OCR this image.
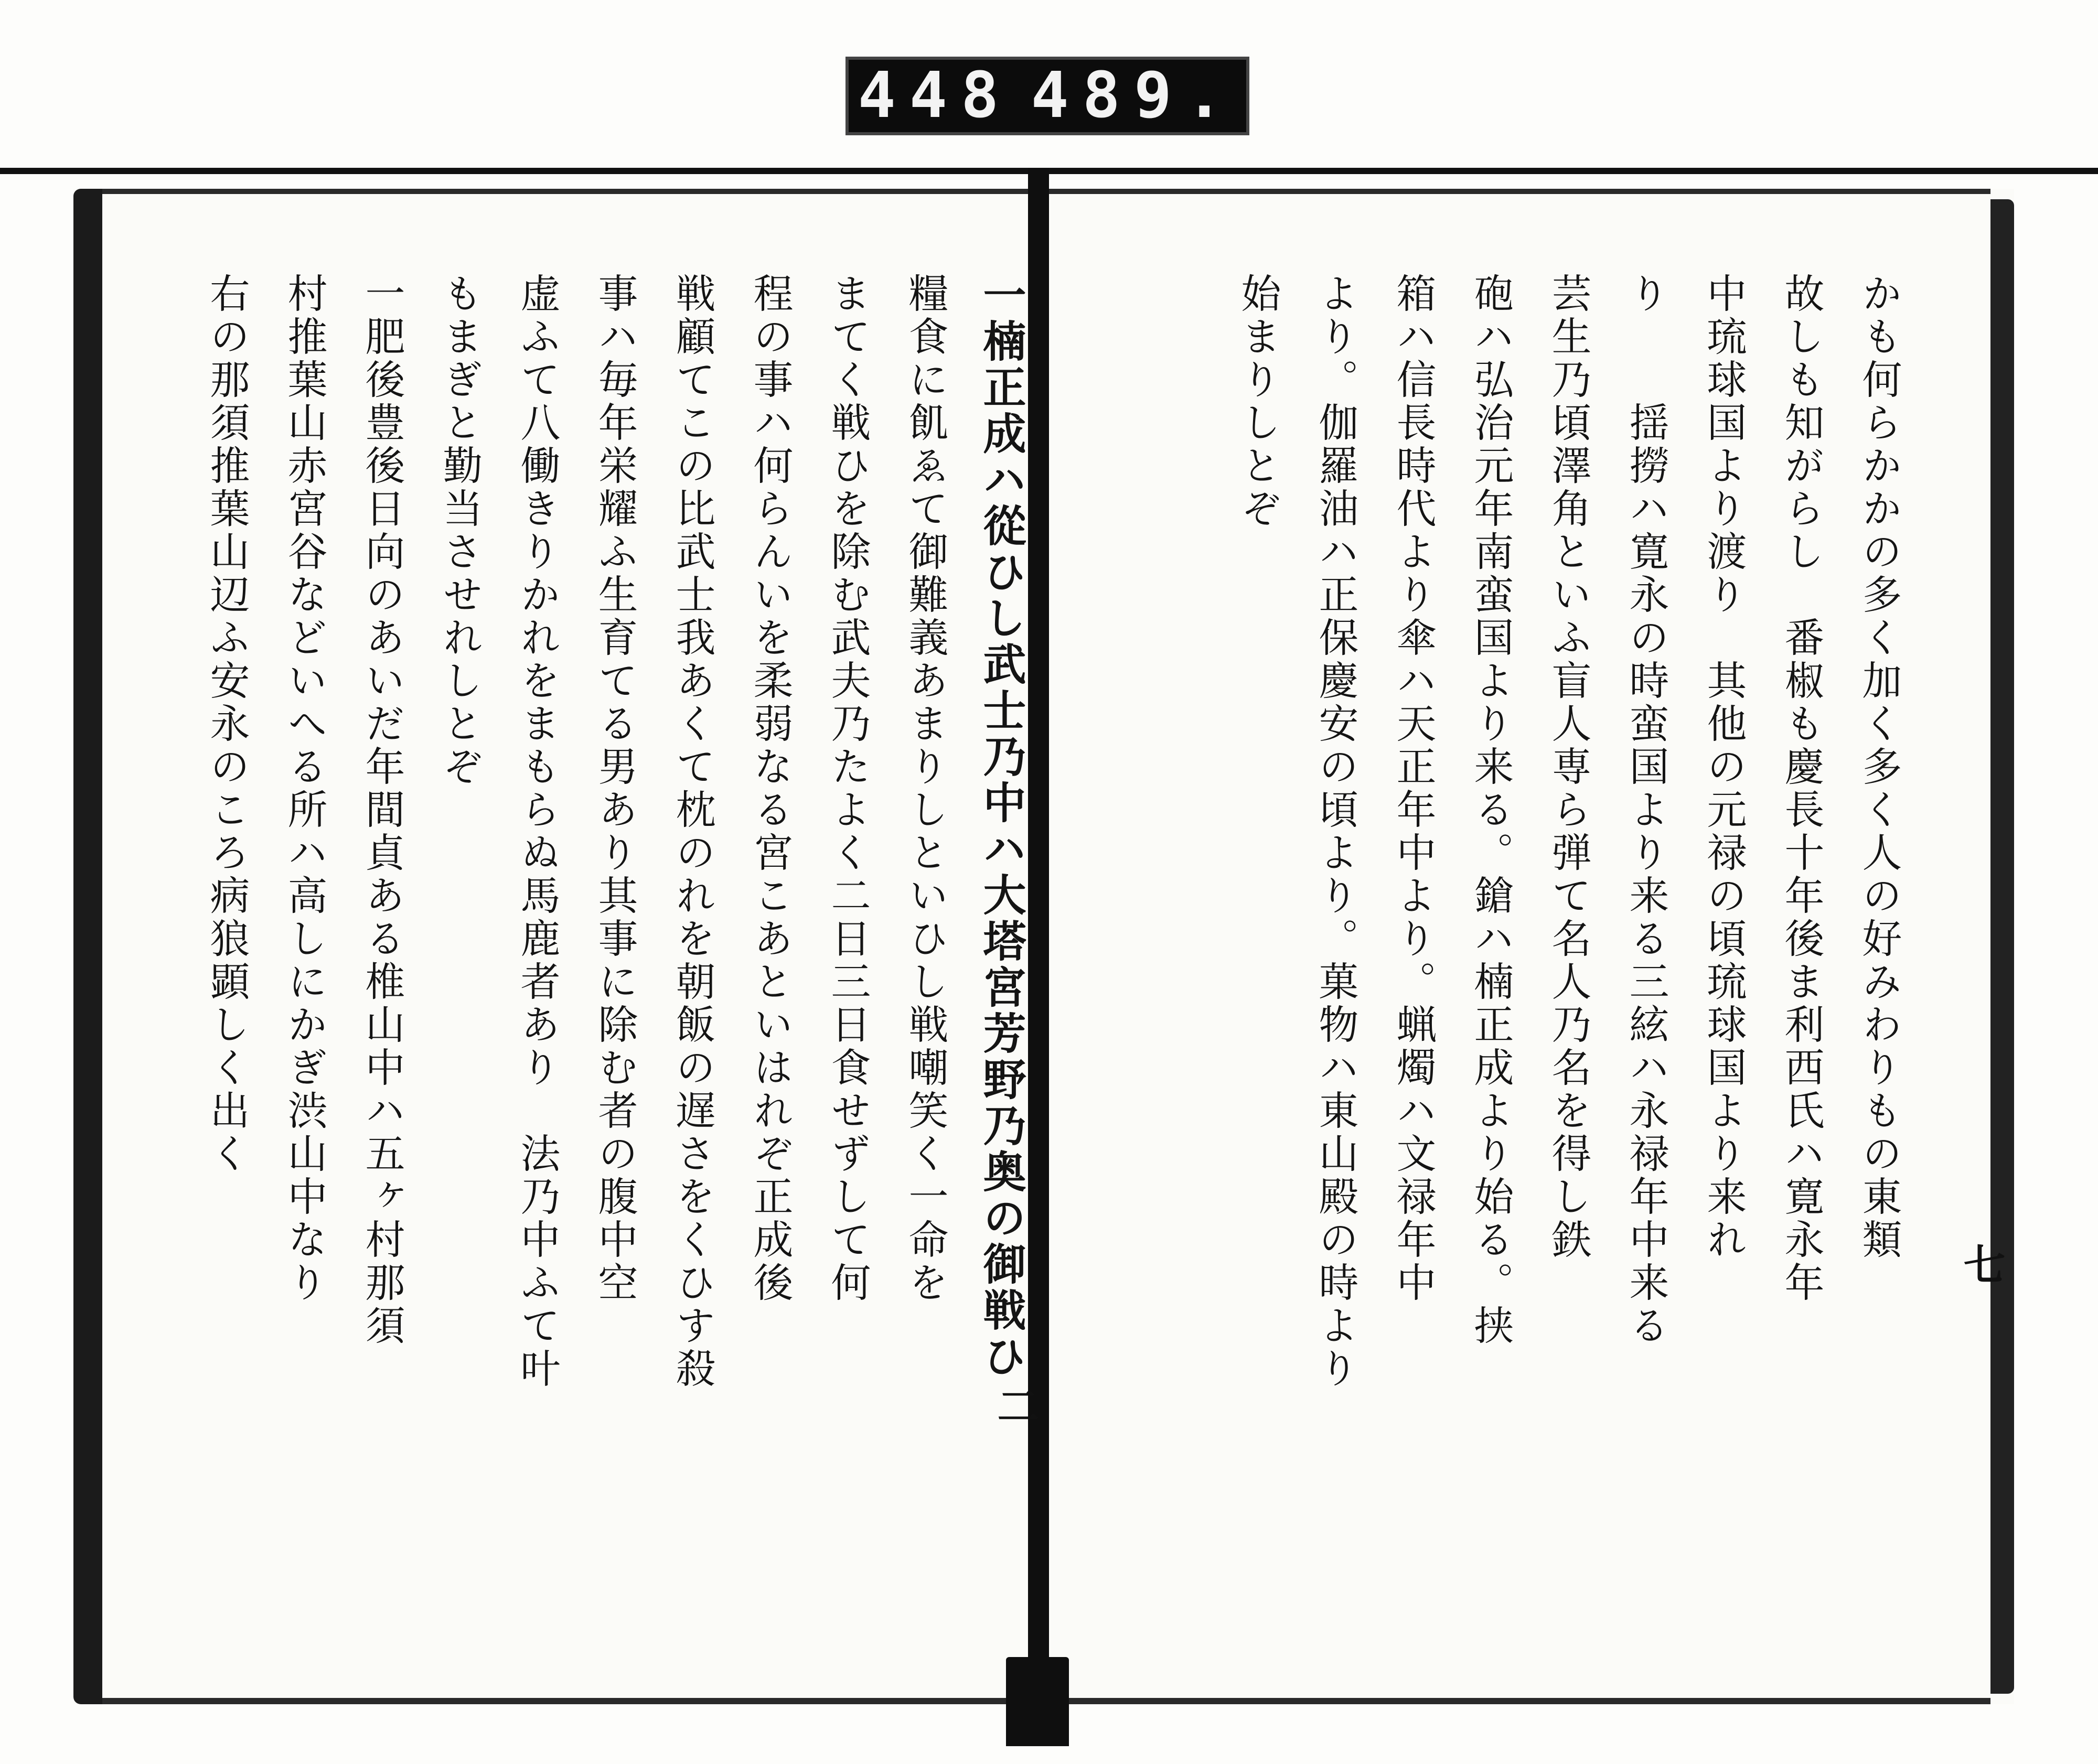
448 489.
かも何らかかの多く加く多く人の好みわりもの東類
故しも知がらし　番椒も慶長十年後ま利西氏ハ寛永年
中琉球国より渡り　其他の元禄の頃琉球国より来れ
り　　揺撈ハ寛永の時蛮国より来る三絃ハ永禄年中来る
芸生乃頃澤角といふ盲人専ら弾て名人乃名を得し鉄
砲ハ弘治元年南蛮国より来る。鎗ハ楠正成より始る。挟
箱ハ信長時代より傘ハ天正年中より。蝋燭ハ文禄年中
より。伽羅油ハ正保慶安の頃より。菓物ハ東山殿の時より
始まりしとぞ
一楠正成ハ從ひし武士乃中ハ大塔宮芳野乃奥の御戦ひ
糧食に飢ゑて御難義あまりしといひし戦嘲笑く一命を
まてく戦ひを除む武夫乃たよく二日三日食せずして何
程の事ハ何らんいを柔弱なる宮こあといはれぞ正成後
戦顧てこの比武士我あくて枕のれを朝飯の遅さをくひす殺
事ハ毎年栄耀ふ生育てる男あり其事に除む者の腹中空
虚ふて八働きりかれをまもらぬ馬鹿者あり　法乃中ふて叶
もまぎと勤当させれしとぞ
一肥後豊後日向のあいだ年間貞ある椎山中ハ五ヶ村那須
村推葉山赤宮谷などいへる所ハ高しにかぎ渋山中なり
右の那須推葉山辺ふ安永のころ病狼顕しく出く
二
七
